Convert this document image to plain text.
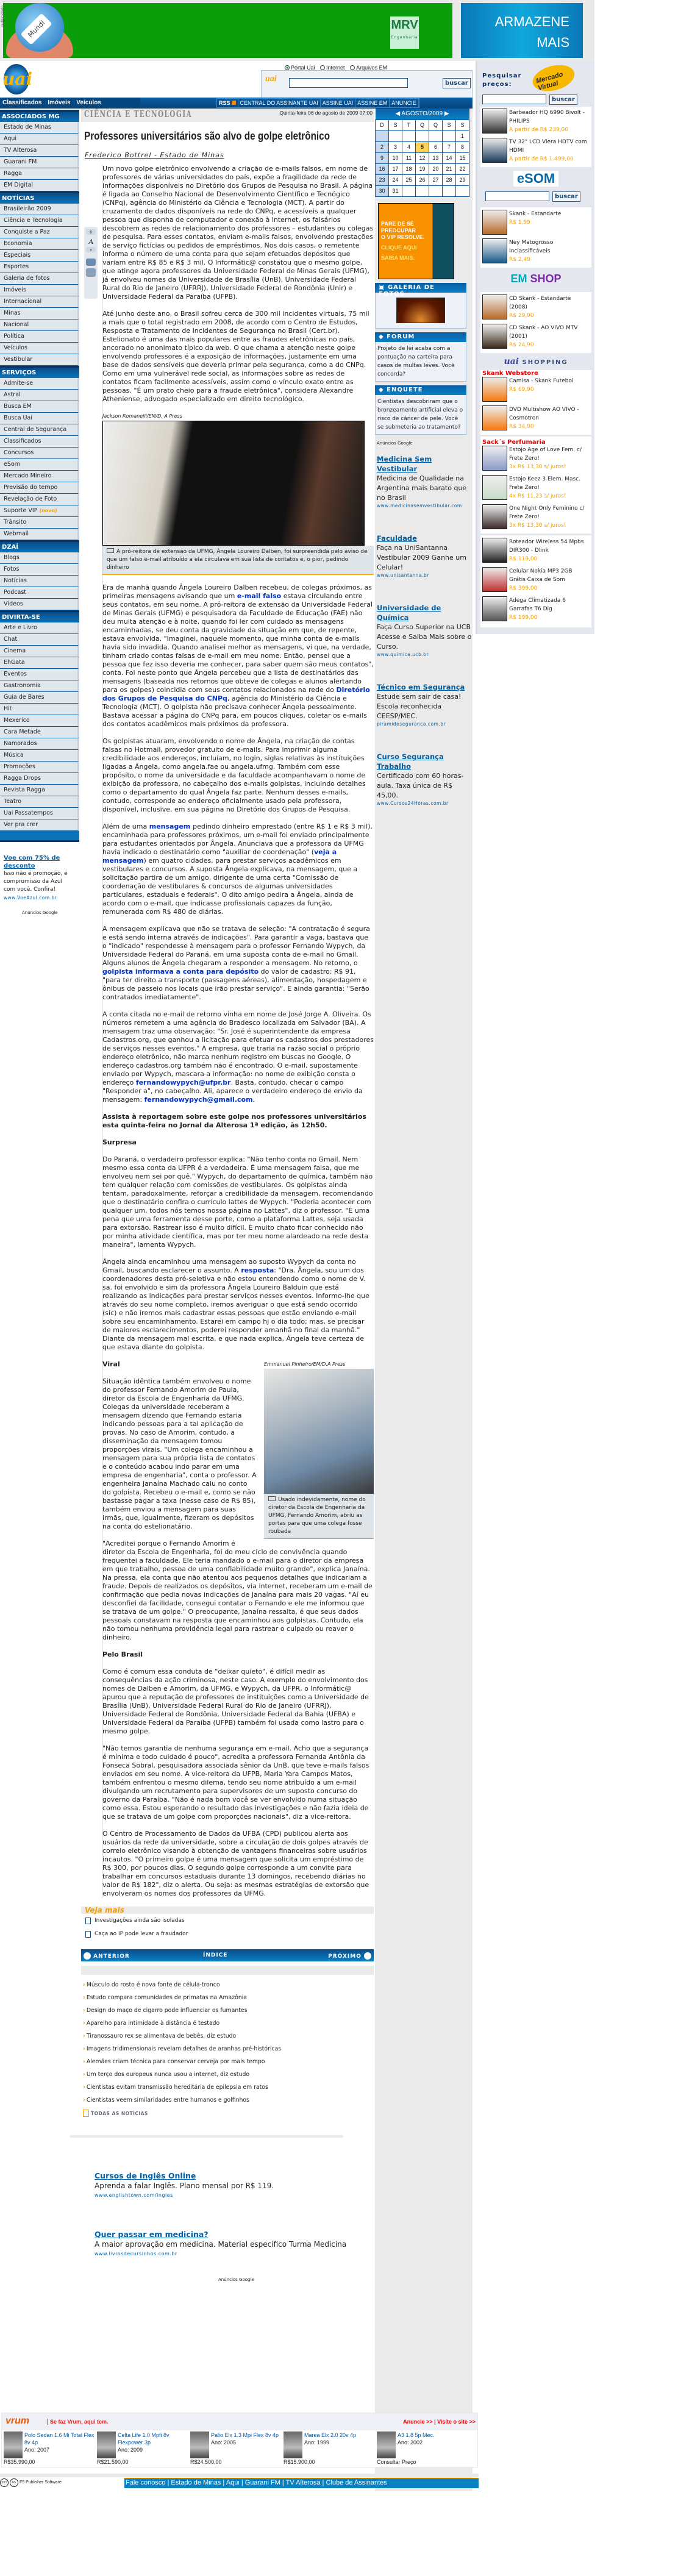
publicidade
Mundi	MRV
Engenharia
ARMAZENE MAIS
uai	uai
Portal Uai Internet Arquivos EM
buscar
Classificados Imóveis Veículos	RSS	CENTRAL DO ASSINANTE UAI ASSINE UAI ASSINE EM ANUNCIE
ASSOCIADOS MG
Estado de Minas
Aqui
TV Alterosa
Guarani FM
Ragga
EM Digital
NOTÍCIAS
Brasileirão 2009
Ciência e Tecnologia
Conquiste a Paz
Economia
Especiais
Esportes
Galeria de fotos
Imóveis
Internacional
Minas
Nacional
Política
Veículos
Vestibular
SERVIÇOS
Admite-se
Astral
Busca EM
Busca Uai
Central de Segurança
Classificados
Concursos
eSom
Mercado Mineiro
Previsão do tempo
Revelação de Foto
Suporte VIP (novo)
Trânsito
Webmail
DZAÍ
Blogs
Fotos
Notícias
Podcast
Vídeos
DIVIRTA-SE
Arte e Livro
Chat
Cinema
EhGata
Eventos
Gastronomia
Guia de Bares
Hit
Mexerico
Cara Metade
Namorados
Música
Promoções
Ragga Drops
Revista Ragga
Teatro
Uai Passatempos
Ver pra crer
Voe com 75% de desconto
Isso não é promoção, é compromisso da Azul com você. Confira!
www.VoeAzul.com.br
Anúncios Google
CIÊNCIA E TECNOLOGIA	Quinta-feira 06 de agosto de 2009 07:00
Professores universitários são alvo de golpe eletrônico
Frederico Bottrel - Estado de Minas
+
A
-

Um novo golpe eletrônico envolvendo a criação de e-mails falsos, em nome de professores de várias universidades do país, expõe a fragilidade da rede de informações disponíveis no Diretório dos Grupos de Pesquisa no Brasil. A página é ligada ao Conselho Nacional de Desenvolvimento Científico e Tecnógico (CNPq), agência do Ministério da Ciência e Tecnologia (MCT). A partir do cruzamento de dados disponíveis na rede do CNPq, e acessíveis a qualquer pessoa que disponha de computador e conexão à internet, os falsários descobrem as redes de relacionamento dos professores – estudantes ou colegas de pesquisa. Para esses contatos, enviam e-mails falsos, envolvendo prestações de serviço fictícias ou pedidos de empréstimos. Nos dois casos, o remetente informa o número de uma conta para que sejam efetuados depósitos que variam entre R$ 85 e R$ 3 mil. O Informátic@ constatou que o mesmo golpe, que atinge agora professores da Universidade Federal de Minas Gerais (UFMG), já envolveu nomes da Universidade de Brasília (UnB), Universidade Federal Rural do Rio de Janeiro (UFRRJ), Universidade Federal de Rondônia (Unir) e Universidade Federal da Paraíba (UFPB).

Até junho deste ano, o Brasil sofreu cerca de 300 mil incidentes virtuais, 75 mil a mais que o total registrado em 2008, de acordo com o Centro de Estudos, Resposta e Tratamento de Incidentes de Segurança no Brasil (Cert.br). Estelionato é uma das mais populares entre as fraudes eletrônicas no país, ancorado no anonimato típico da web. O que chama a atenção neste golpe envolvendo professores é a exposição de informações, justamente em uma base de dados sensíveis que deveria primar pela segurança, como a do CNPq. Como em uma vulnerável rede social, as informações sobre as redes de contatos ficam facilmente acessíveis, assim como o vínculo exato entre as pessoas. "É um prato cheio para a fraude eletrônica", considera Alexandre Atheniense, advogado especializado em direito tecnológico.

Jackson Romanelli/EM/D. A Press
A pró-reitora de extensão da UFMG, Ângela Loureiro Dalben, foi surpreendida pelo aviso de que um falso e-mail atribuído a ela circulava em sua lista de contatos e, o pior, pedindo dinheiro

Era de manhã quando Ângela Loureiro Dalben recebeu, de colegas próximos, as primeiras mensagens avisando que um e-mail falso estava circulando entre seus contatos, em seu nome. A pró-reitora de extensão da Universidade Federal de Minas Gerais (UFMG) e pesquisadora da Faculdade de Educação (FAE) não deu muita atenção e à noite, quando foi ler com cuidado as mensagens encaminhadas, se deu conta da gravidade da situação em que, de repente, estava envolvida. "Imaginei, naquele momento, que minha conta de e-mails havia sido invadida. Quando analisei melhor as mensagens, vi que, na verdade, tinham criado contas falsas de e-mail em meu nome. Então, pensei que a pessoa que fez isso deveria me conhecer, para saber quem são meus contatos", conta. Foi neste ponto que Ângela percebeu que a lista de destinatários das mensagens (baseada nos retornos que obteve de colegas e alunos alertando para os golpes) coincidia com seus contatos relacionados na rede do Diretório dos Grupos de Pesquisa do CNPq, agência do Ministério da Ciência e Tecnologia (MCT). O golpista não precisava conhecer Ângela pessoalmente. Bastava acessar a página do CNPq para, em poucos cliques, coletar os e-mails dos contatos acadêmicos mais próximos da professora.

Os golpistas atuaram, envolvendo o nome de Ângela, na criação de contas falsas no Hotmail, provedor gratuito de e-mails. Para imprimir alguma credibilidade aos endereços, incluíam, no login, siglas relativas às instituições ligadas a Ângela, como angela.fae ou angela.ufmg. Também com esse propósito, o nome da universidade e da faculdade acompanhavam o nome de exibição da professora, no cabeçalho dos e-mails golpistas, incluindo detalhes como o departamento do qual Ângela faz parte. Nenhum desses e-mails, contudo, corresponde ao endereço oficialmente usado pela professora, disponível, inclusive, em sua página no Diretório dos Grupos de Pesquisa.

Além de uma mensagem pedindo dinheiro emprestado (entre R$ 1 e R$ 3 mil), encaminhada para professores próximos, um e-mail foi enviado principalmente para estudantes orientados por Ângela. Anunciava que a professora da UFMG havia indicado o destinatário como "auxiliar de coordenação" (veja a mensagem) em quatro cidades, para prestar serviços acadêmicos em vestibulares e concursos. A suposta Ângela explicava, na mensagem, que a solicitação partira de um amigo, dirigente de uma certa "Comissão de coordenação de vestibulares & concursos de algumas universidades particulares, estaduais e federais". O dito amigo pedira a Ângela, ainda de acordo com o e-mail, que indicasse profissionais capazes da função, remunerada com R$ 480 de diárias.

A mensagem explicava que não se tratava de seleção: "A contratação é segura e está sendo interna através de indicações". Para garantir a vaga, bastava que o "indicado" respondesse à mensagem para o professor Fernando Wypych, da Universidade Federal do Paraná, em uma suposta conta de e-mail no Gmail. Alguns alunos de Ângela chegaram a responder a mensagem. No retorno, o golpista informava a conta para depósito do valor de cadastro: R$ 91, "para ter direito a transporte (passagens aéreas), alimentação, hospedagem e ônibus de passeio nos locais que irão prestar serviço". E ainda garantia: "Serão contratados imediatamente".

A conta citada no e-mail de retorno vinha em nome de José Jorge A. Oliveira. Os números remetem a uma agência do Bradesco localizada em Salvador (BA). A mensagem traz uma observação: "Sr. José é superintendente da empresa Cadastros.org, que ganhou a licitação para efetuar os cadastros dos prestadores de serviços nesses eventos." A empresa, que traria na razão social o próprio endereço eletrônico, não marca nenhum registro em buscas no Google. O endereço cadastros.org também não é encontrado. O e-mail, supostamente enviado por Wypych, mascara a informação: no nome de exibição consta o endereço fernandowypych@ufpr.br. Basta, contudo, checar o campo "Responder a", no cabeçalho. Ali, aparece o verdadeiro endereço de envio da mensagem: fernandowypych@gmail.com.

Assista à reportagem sobre este golpe nos professores universitários esta quinta-feira no Jornal da Alterosa 1ª edição, às 12h50.

Surpresa

Do Paraná, o verdadeiro professor explica: "Não tenho conta no Gmail. Nem mesmo essa conta da UFPR é a verdadeira. É uma mensagem falsa, que me envolveu nem sei por quê." Wypych, do departamento de química, também não tem qualquer relação com comissões de vestibulares. Os golpistas ainda tentam, paradoxalmente, reforçar a credibilidade da mensagem, recomendando que o destinatário confira o currículo lattes de Wypych. "Poderia acontecer com qualquer um, todos nós temos nossa página no Lattes", diz o professor. "É uma pena que uma ferramenta desse porte, como a plataforma Lattes, seja usada para extorsão. Rastrear isso é muito difícil. É muito chato ficar conhecido não por minha atividade científica, mas por ter meu nome alardeado na rede desta maneira", lamenta Wypych.

Ângela ainda encaminhou uma mensagem ao suposto Wypych da conta no Gmail, buscando esclarecer o assunto. A resposta: "Dra. Ângela, sou um dos coordenadores desta pré-seletiva e não estou entendendo como o nome de V. sa. foi envolvido e sim da professora Ângela Loureiro Balduin que está realizando as indicações para prestar serviços nesses eventos. Informo-lhe que através do seu nome completo, iremos averiguar o que está sendo ocorrido (sic) e não iremos mais cadastrar essas pessoas que estão enviando e-mail sobre seu encaminhamento. Estarei em campo hj o dia todo; mas, se precisar de maiores esclarecimentos, poderei responder amanhã no final da manhã." Diante da mensagem mal escrita, e que nada explica, Ângela teve certeza de que estava diante do golpista.

Emmanuel Pinheiro/EM/D.A Press
Usado indevidamente, nome do diretor da Escola de Engenharia da UFMG, Fernando Amorim, abriu as portas para que uma colega fosse roubada
Viral

Situação idêntica também envolveu o nome do professor Fernando Amorim de Paula, diretor da Escola de Engenharia da UFMG. Colegas da universidade receberam a mensagem dizendo que Fernando estaria indicando pessoas para a tal aplicação de provas. No caso de Amorim, contudo, a disseminação da mensagem tomou proporções virais. "Um colega encaminhou a mensagem para sua própria lista de contatos e o conteúdo acabou indo parar em uma empresa de engenharia", conta o professor. A engenheira Janaína Machado caiu no conto do golpista. Recebeu o e-mail e, como se não bastasse pagar a taxa (nesse caso de R$ 85), também enviou a mensagem para suas irmãs, que, igualmente, fizeram os depósitos na conta do estelionatário.

"Acreditei porque o Fernando Amorim é diretor da Escola de Engenharia, foi do meu ciclo de convivência quando frequentei a faculdade. Ele teria mandado o e-mail para o diretor da empresa em que trabalho, pessoa de uma confiabilidade muito grande", explica Janaína. Na pressa, ela conta que não atentou aos pequenos detalhes que indicariam a fraude. Depois de realizados os depósitos, via internet, receberam um e-mail de confirmação que pedia novas indicações de Janaína para mais 20 vagas. "Aí eu desconfiei da facilidade, consegui contatar o Fernando e ele me informou que se tratava de um golpe." O preocupante, Janaína ressalta, é que seus dados pessoais constavam na resposta que encaminhou aos golpistas. Contudo, ela não tomou nenhuma providência legal para rastrear o culpado ou reaver o dinheiro.

Pelo Brasil

Como é comum essa conduta de "deixar quieto", é difícil medir as consequências da ação criminosa, neste caso. A exemplo do envolvimento dos nomes de Dalben e Amorim, da UFMG, e Wypych, da UFPR, o Informátic@ apurou que a reputação de professores de instituições como a Universidade de Brasília (UnB), Universidade Federal Rural do Rio de Janeiro (UFRRJ), Universidade Federal de Rondônia, Universidade Federal da Bahia (UFBA) e Universidade Federal da Paraíba (UFPB) também foi usada como lastro para o mesmo golpe.

"Não temos garantia de nenhuma segurança em e-mail. Acho que a segurança é mínima e todo cuidado é pouco", acredita a professora Fernanda Antônia da Fonseca Sobral, pesquisadora associada sênior da UnB, que teve e-mails falsos enviados em seu nome. A vice-reitora da UFPB, Maria Yara Campos Matos, também enfrentou o mesmo dilema, tendo seu nome atribuído a um e-mail divulgando um recrutamento para supervisores de um suposto concurso do governo da Paraíba. "Não é nada bom você se ver envolvido numa situação como essa. Estou esperando o resultado das investigações e não fazia ideia de que se tratava de um golpe com proporções nacionais", diz a vice-reitora.

O Centro de Processamento de Dados da UFBA (CPD) publicou alerta aos usuários da rede da universidade, sobre a circulação de dois golpes através de correio eletrônico visando à obtenção de vantagens financeiras sobre usuários incautos. "O primeiro golpe é uma mensagem que solicita um empréstimo de R$ 300, por poucos dias. O segundo golpe corresponde a um convite para trabalhar em concursos estaduais durante 13 domingos, recebendo diárias no valor de R$ 182", diz o alerta. Ou seja: as mesmas estratégias de extorsão que envolveram os nomes dos professores da UFMG.

Veja mais
Investigações ainda são isoladas
Caça ao IP pode levar a fraudador
ANTERIOR	ÍNDICE	PRÓXIMO
› Músculo do rosto é nova fonte de célula-tronco
› Estudo compara comunidades de primatas na Amazônia
› Design do maço de cigarro pode influenciar os fumantes
› Aparelho para intimidade à distância é testado
› Tiranossauro rex se alimentava de bebês, diz estudo
› Imagens tridimensionais revelam detalhes de aranhas pré-históricas
› Alemães criam técnica para conservar cerveja por mais tempo
› Um terço dos europeus nunca usou a internet, diz estudo
› Cientistas evitam transmissão hereditária de epilepsia em ratos
› Cientistas veem similaridades entre humanos e golfinhos
TODAS AS NOTÍCIAS
Cursos de Inglês Online
Aprenda a falar Inglês. Plano mensal por R$ 119.
www.englishtown.com/ingles
Quer passar em medicina?
A maior aprovação em medicina. Material específico Turma Medicina
www.livrosdecursinhos.com.br
Anúncios Google
◀ AGOSTO/2009 ▶						
D	S	T	Q	Q	S	S
						1
2	3	4	5	6	7	8
9	10	11	12	13	14	15
16	17	18	19	20	21	22
23	24	25	26	27	28	29
30	31					
PARE DE SE
PREOCUPAR
O VIP RESOLVE.
CLIQUE AQUI
SAIBA MAIS.
▣ GALERIA DE FOTOS
◆ FORUM
Projeto de lei acaba com a pontuação na carteira para casos de multas leves. Você concorda?
◆ ENQUETE
Cientistas descobriram que o bronzeamento artificial eleva o risco de câncer de pele. Você se submeteria ao tratamento?
Anúncios Google
Medicina Sem Vestibular
Medicina de Qualidade na Argentina mais barato que no Brasil
www.medicinasemvestibular.com
Faculdade
Faça na UniSantanna Vestibular 2009 Ganhe um Celular!
www.unisantanna.br
Universidade de Química
Faça Curso Superior na UCB Acesse e Saiba Mais sobre o Curso.
www.quimica.ucb.br
Técnico em Segurança
Estude sem sair de casa! Escola reconhecida CEESP/MEC.
piramideseguranca.com.br
Curso Segurança Trabalho
Certificado com 60 horas-aula. Taxa única de R$ 45,00.
www.Cursos24Horas.com.br
Pesquisar preços:	Mercado Virtual
buscar
Barbeador HQ 6990 Bivolt - PHILIPS
A partir de R$ 239,00
TV 32" LCD Viera HDTV com HDMI
A partir de R$ 1.499,00
eSOM
buscar
Skank - Estandarte
R$ 1,99
Ney Matogrosso Inclassificáveis
R$ 2,49
EM SHOP
CD Skank - Estandarte (2008)
R$ 29,90
CD Skank - AO VIVO MTV (2001)
R$ 24,90
uai SHOPPING
Skank Webstore
Camisa - Skank Futebol
R$ 69,90
DVD Multishow AO VIVO - Cosmotron
R$ 34,90
Sack´s Perfumaria
Estojo Age of Love Fem. c/ Frete Zero!
3x R$ 13,30 s/ juros!
Estojo Keez 3 Elem. Masc. Frete Zero!
4x R$ 11,23 s/ juros!
One Night Only Feminino c/ Frete Zero!
3x R$ 13,30 s/ juros!
Roteador Wireless 54 Mpbs DIR300 - Dlink
R$ 119,00
Celular Nokia MP3 2GB Grátis Caixa de Som
R$ 399,00
Adega Climatizada 6 Garrafas T6 Dig
R$ 199,00
vrum	Se faz Vrum, aqui tem.	Anuncie >> | Visite o site >>
Polo Sedan 1.6 Mi Total Flex 8v 4p
Ano: 2007
R$35.990,00
Celta Life 1.0 Mpfi 8v Flexpower 3p
Ano: 2009
R$21.590,00
Palio Elx 1.3 Mpi Flex 8v 4p
Ano: 2005
R$24.500,00
Marea Elx 2.0 20v 4p
Ano: 1999
R$15.900,00
A3 1.8 5p Mec.
Ano: 2002
Consultar Preço
2XT F5 F5 Publisher Software	Fale conosco | Estado de Minas | Aqui | Guarani FM | TV Alterosa | Clube de Assinantes
